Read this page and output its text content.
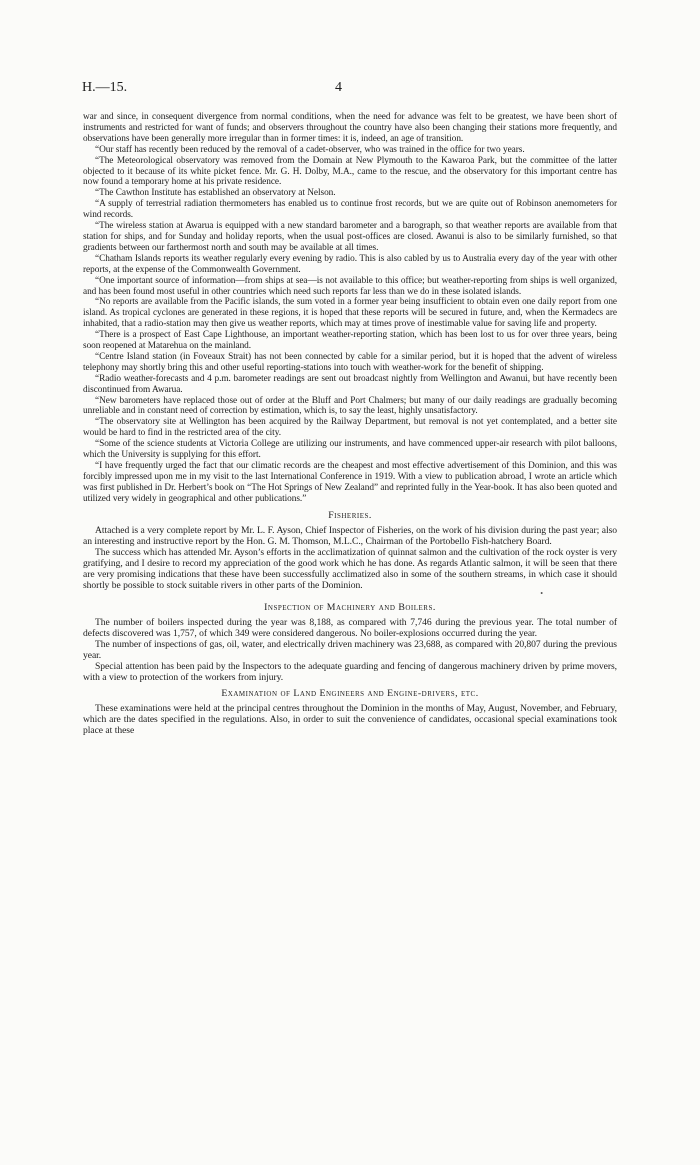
H.—15.	4

war and since, in consequent divergence from normal conditions, when the need for advance was felt to be greatest, we have been short of instruments and restricted for want of funds; and observers throughout the country have also been changing their stations more frequently, and observations have been generally more irregular than in former times: it is, indeed, an age of transition.

“Our staff has recently been reduced by the removal of a cadet-observer, who was trained in the office for two years.

“The Meteorological observatory was removed from the Domain at New Plymouth to the Kawaroa Park, but the committee of the latter objected to it because of its white picket fence. Mr. G. H. Dolby, M.A., came to the rescue, and the observatory for this important centre has now found a temporary home at his private residence.

“The Cawthon Institute has established an observatory at Nelson.

“A supply of terrestrial radiation thermometers has enabled us to continue frost records, but we are quite out of Robinson anemometers for wind records.

“The wireless station at Awarua is equipped with a new standard barometer and a barograph, so that weather reports are available from that station for ships, and for Sunday and holiday reports, when the usual post-offices are closed. Awanui is also to be similarly furnished, so that gradients between our farthermost north and south may be available at all times.

“Chatham Islands reports its weather regularly every evening by radio. This is also cabled by us to Australia every day of the year with other reports, at the expense of the Commonwealth Government.

“One important source of information—from ships at sea—is not available to this office; but weather-reporting from ships is well organized, and has been found most useful in other countries which need such reports far less than we do in these isolated islands.

“No reports are available from the Pacific islands, the sum voted in a former year being insufficient to obtain even one daily report from one island. As tropical cyclones are generated in these regions, it is hoped that these reports will be secured in future, and, when the Kermadecs are inhabited, that a radio-station may then give us weather reports, which may at times prove of inestimable value for saving life and property.

“There is a prospect of East Cape Lighthouse, an important weather-reporting station, which has been lost to us for over three years, being soon reopened at Matarehua on the mainland.

“Centre Island station (in Foveaux Strait) has not been connected by cable for a similar period, but it is hoped that the advent of wireless telephony may shortly bring this and other useful reporting-stations into touch with weather-work for the benefit of shipping.

“Radio weather-forecasts and 4 p.m. barometer readings are sent out broadcast nightly from Wellington and Awanui, but have recently been discontinued from Awarua.

“New barometers have replaced those out of order at the Bluff and Port Chalmers; but many of our daily readings are gradually becoming unreliable and in constant need of correction by estimation, which is, to say the least, highly unsatisfactory.

“The observatory site at Wellington has been acquired by the Railway Department, but removal is not yet contemplated, and a better site would be hard to find in the restricted area of the city.

“Some of the science students at Victoria College are utilizing our instruments, and have commenced upper-air research with pilot balloons, which the University is supplying for this effort.

“I have frequently urged the fact that our climatic records are the cheapest and most effective advertisement of this Dominion, and this was forcibly impressed upon me in my visit to the last International Conference in 1919. With a view to publication abroad, I wrote an article which was first published in Dr. Herbert’s book on “The Hot Springs of New Zealand” and reprinted fully in the Year-book. It has also been quoted and utilized very widely in geographical and other publications.”

Fisheries.

Attached is a very complete report by Mr. L. F. Ayson, Chief Inspector of Fisheries, on the work of his division during the past year; also an interesting and instructive report by the Hon. G. M. Thomson, M.L.C., Chairman of the Portobello Fish-hatchery Board.

The success which has attended Mr. Ayson’s efforts in the acclimatization of quinnat salmon and the cultivation of the rock oyster is very gratifying, and I desire to record my appreciation of the good work which he has done. As regards Atlantic salmon, it will be seen that there are very promising indications that these have been successfully acclimatized also in some of the southern streams, in which case it should shortly be possible to stock suitable rivers in other parts of the Dominion.

•
Inspection of Machinery and Boilers.

The number of boilers inspected during the year was 8,188, as compared with 7,746 during the previous year. The total number of defects discovered was 1,757, of which 349 were considered dangerous. No boiler-explosions occurred during the year.

The number of inspections of gas, oil, water, and electrically driven machinery was 23,688, as compared with 20,807 during the previous year.

Special attention has been paid by the Inspectors to the adequate guarding and fencing of dangerous machinery driven by prime movers, with a view to protection of the workers from injury.

Examination of Land Engineers and Engine-drivers, etc.

These examinations were held at the principal centres throughout the Dominion in the months of May, August, November, and February, which are the dates specified in the regulations. Also, in order to suit the convenience of candidates, occasional special examinations took place at these
